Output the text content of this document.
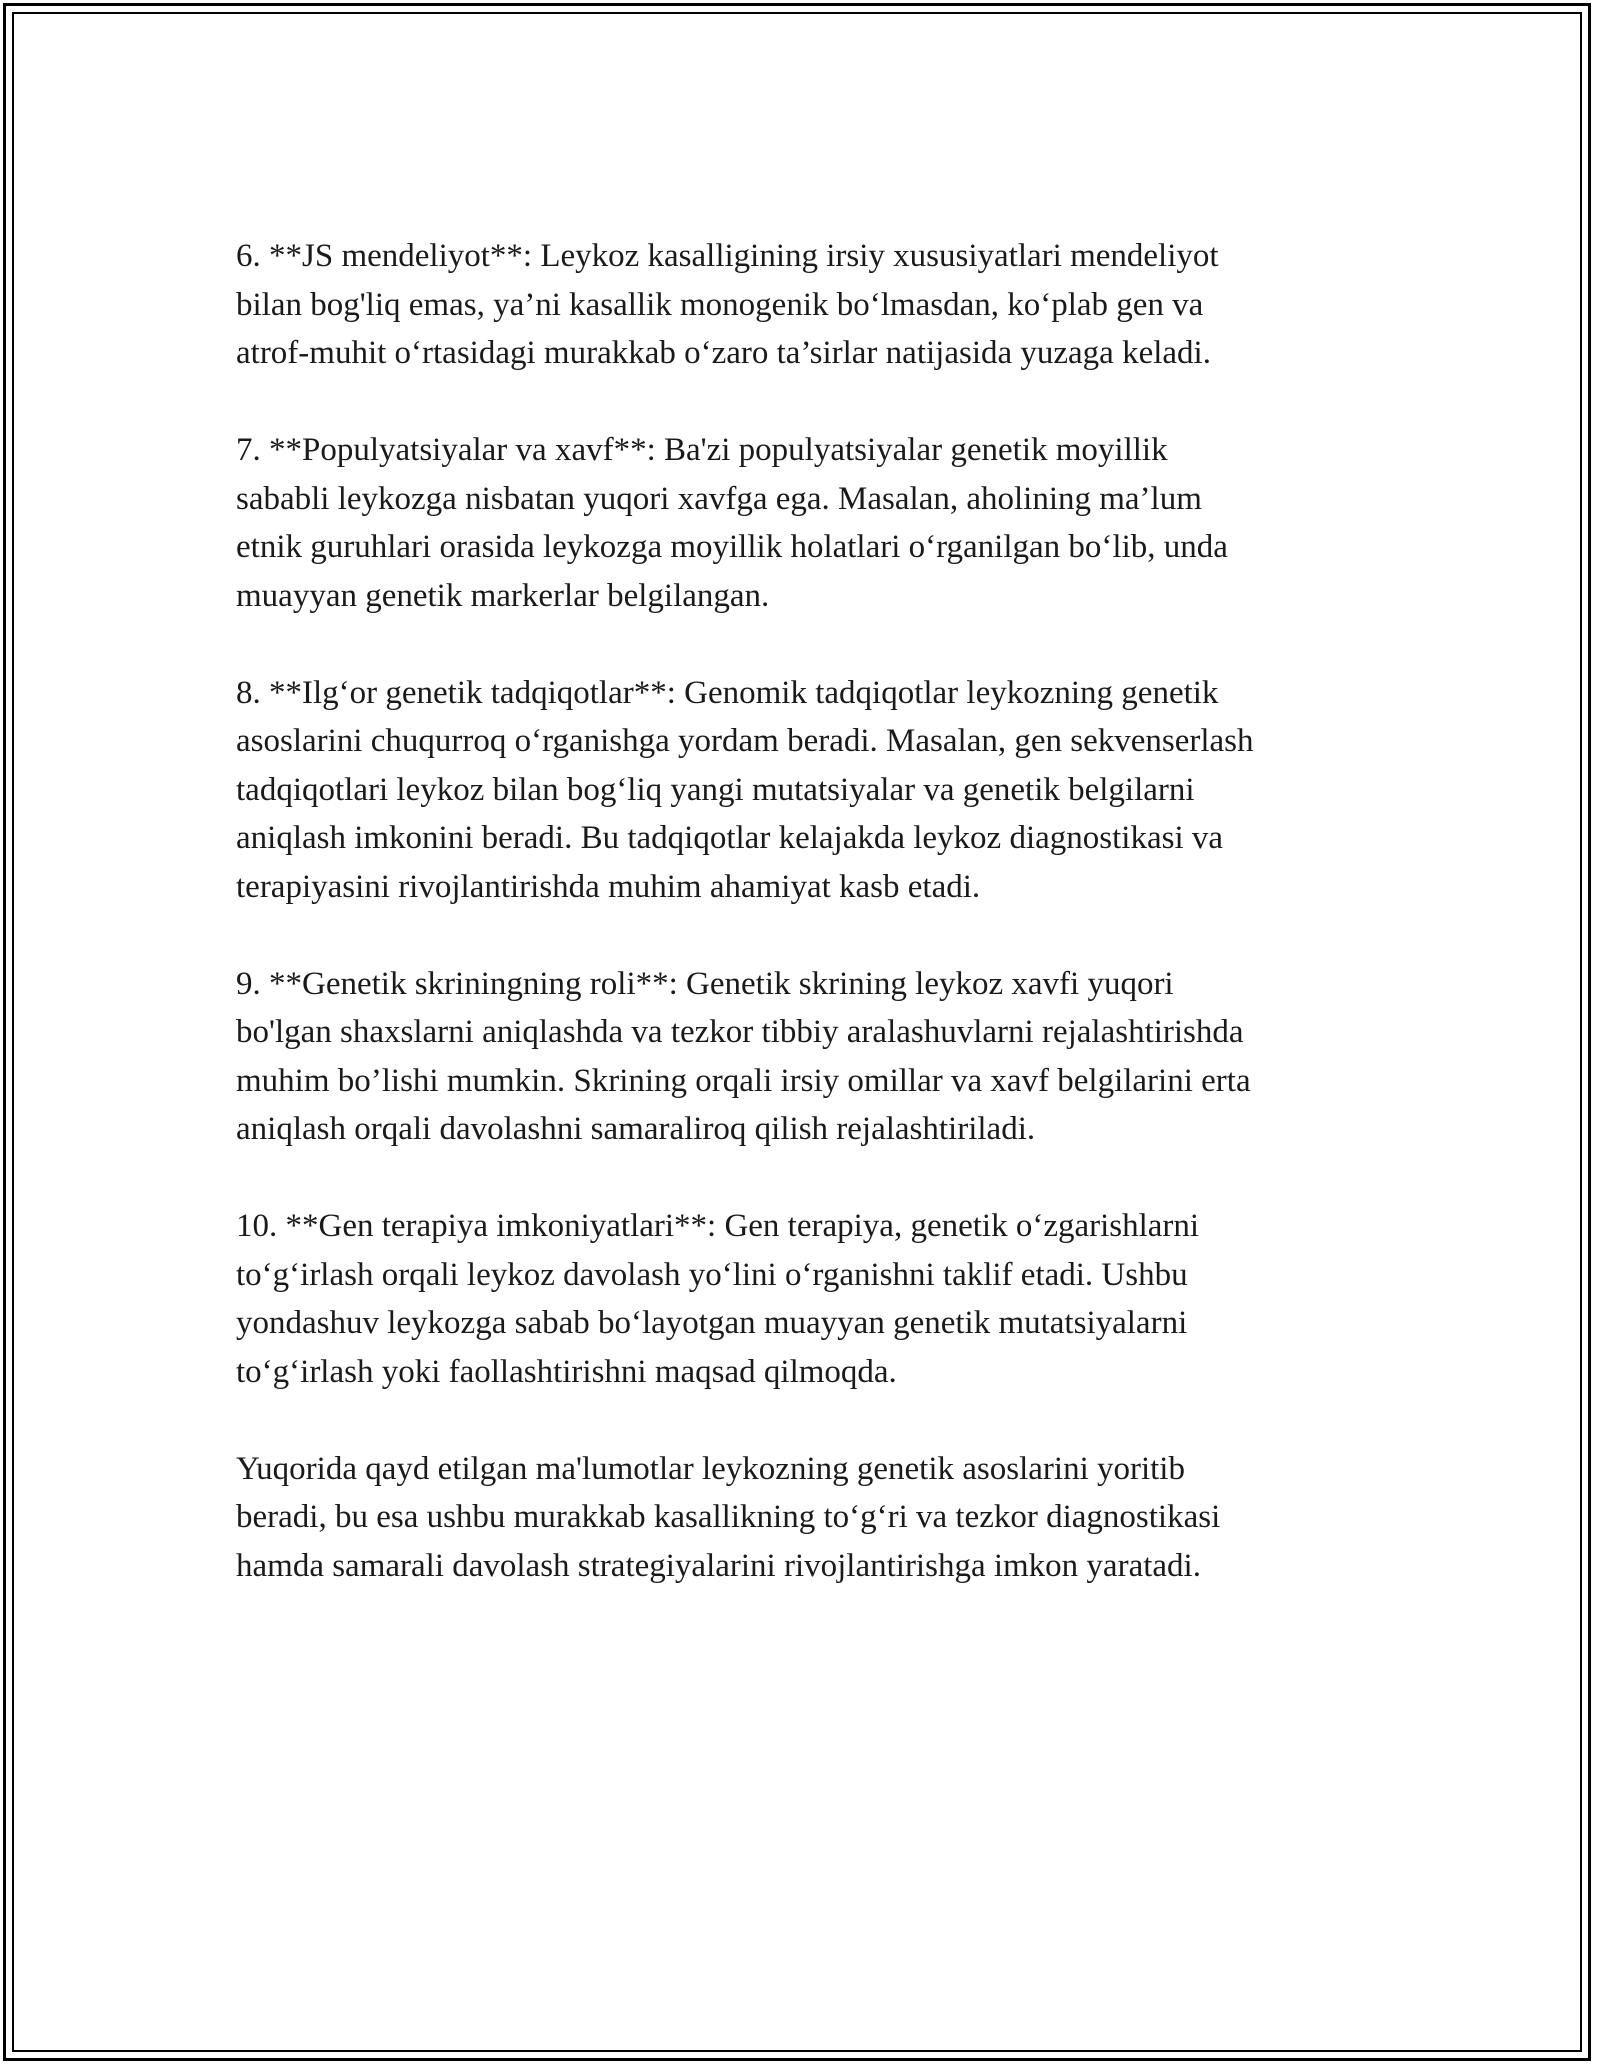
6. **JS mendeliyot**: Leykoz kasalligining irsiy xususiyatlari mendeliyot
bilan bog'liq emas, ya’ni kasallik monogenik bo‘lmasdan, ko‘plab gen va
atrof-muhit o‘rtasidagi murakkab o‘zaro ta’sirlar natijasida yuzaga keladi.

7. **Populyatsiyalar va xavf**: Ba'zi populyatsiyalar genetik moyillik
sababli leykozga nisbatan yuqori xavfga ega. Masalan, aholining ma’lum
etnik guruhlari orasida leykozga moyillik holatlari o‘rganilgan bo‘lib, unda
muayyan genetik markerlar belgilangan.

8. **Ilg‘or genetik tadqiqotlar**: Genomik tadqiqotlar leykozning genetik
asoslarini chuqurroq o‘rganishga yordam beradi. Masalan, gen sekvenserlash
tadqiqotlari leykoz bilan bog‘liq yangi mutatsiyalar va genetik belgilarni
aniqlash imkonini beradi. Bu tadqiqotlar kelajakda leykoz diagnostikasi va
terapiyasini rivojlantirishda muhim ahamiyat kasb etadi.

9. **Genetik skriningning roli**: Genetik skrining leykoz xavfi yuqori
bo'lgan shaxslarni aniqlashda va tezkor tibbiy aralashuvlarni rejalashtirishda
muhim bo’lishi mumkin. Skrining orqali irsiy omillar va xavf belgilarini erta
aniqlash orqali davolashni samaraliroq qilish rejalashtiriladi.

10. **Gen terapiya imkoniyatlari**: Gen terapiya, genetik o‘zgarishlarni
to‘g‘irlash orqali leykoz davolash yo‘lini o‘rganishni taklif etadi. Ushbu
yondashuv leykozga sabab bo‘layotgan muayyan genetik mutatsiyalarni
to‘g‘irlash yoki faollashtirishni maqsad qilmoqda.

Yuqorida qayd etilgan ma'lumotlar leykozning genetik asoslarini yoritib
beradi, bu esa ushbu murakkab kasallikning to‘g‘ri va tezkor diagnostikasi
hamda samarali davolash strategiyalarini rivojlantirishga imkon yaratadi.
